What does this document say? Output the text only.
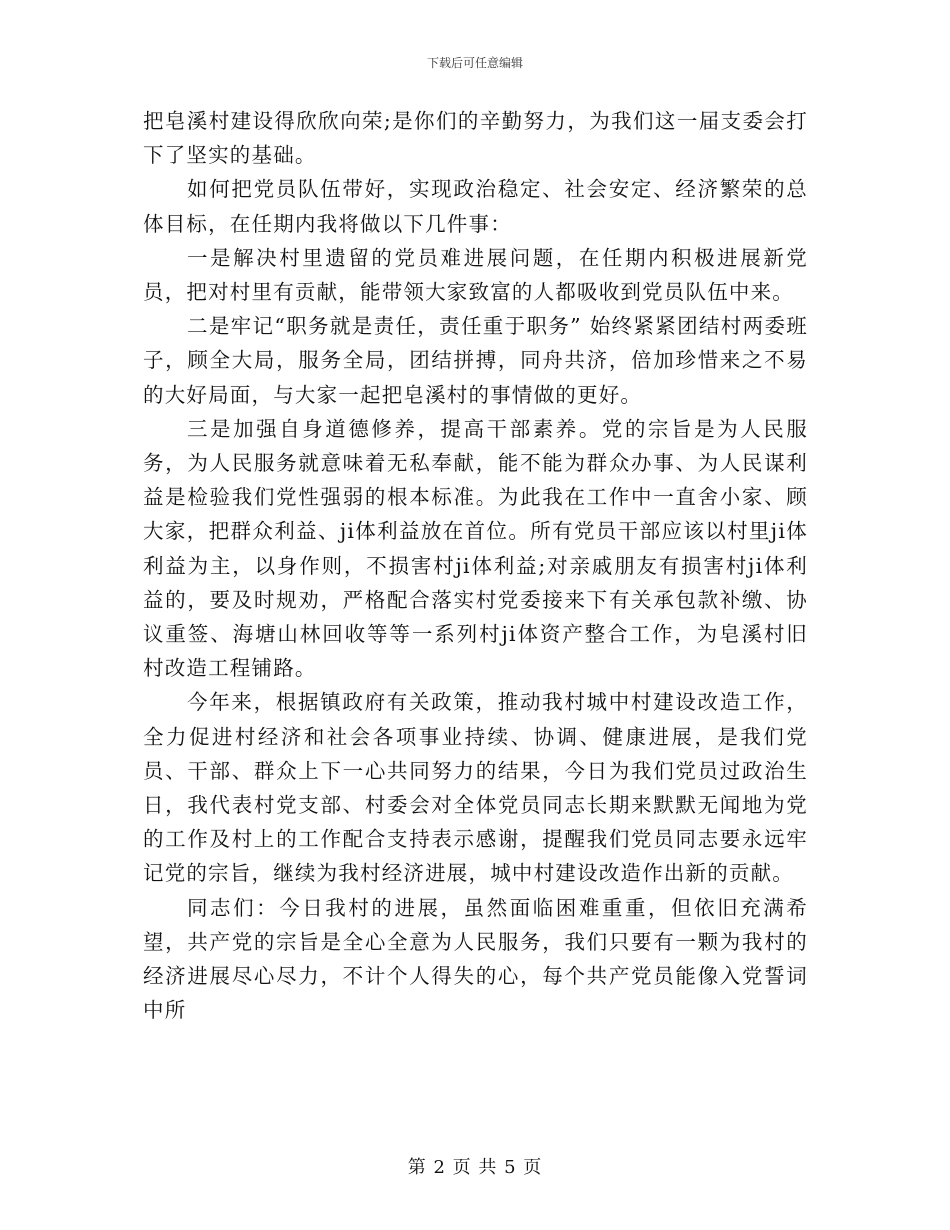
下载后可任意编辑

把皂溪村建设得欣欣向荣;是你们的辛勤努力，为我们这一届支委会打下了坚实的基础。

如何把党员队伍带好，实现政治稳定、社会安定、经济繁荣的总体目标，在任期内我将做以下几件事：

一是解决村里遗留的党员难进展问题，在任期内积极进展新党员，把对村里有贡献，能带领大家致富的人都吸收到党员队伍中来。

二是牢记“职务就是责任，责任重于职务” 始终紧紧团结村两委班子，顾全大局，服务全局，团结拼搏，同舟共济，倍加珍惜来之不易的大好局面，与大家一起把皂溪村的事情做的更好。

三是加强自身道德修养，提高干部素养。党的宗旨是为人民服务，为人民服务就意味着无私奉献，能不能为群众办事、为人民谋利益是检验我们党性强弱的根本标准。为此我在工作中一直舍小家、顾大家，把群众利益、ji体利益放在首位。所有党员干部应该以村里ji体利益为主，以身作则，不损害村ji体利益;对亲戚朋友有损害村ji体利益的，要及时规劝，严格配合落实村党委接来下有关承包款补缴、协议重签、海塘山林回收等等一系列村ji体资产整合工作，为皂溪村旧村改造工程铺路。

今年来，根据镇政府有关政策，推动我村城中村建设改造工作，全力促进村经济和社会各项事业持续、协调、健康进展，是我们党员、干部、群众上下一心共同努力的结果，今日为我们党员过政治生日，我代表村党支部、村委会对全体党员同志长期来默默无闻地为党的工作及村上的工作配合支持表示感谢，提醒我们党员同志要永远牢记党的宗旨，继续为我村经济进展，城中村建设改造作出新的贡献。

同志们：今日我村的进展，虽然面临困难重重，但依旧充满希望，共产党的宗旨是全心全意为人民服务，我们只要有一颗为我村的经济进展尽心尽力，不计个人得失的心，每个共产党员能像入党誓词中所

第 2 页 共 5 页
